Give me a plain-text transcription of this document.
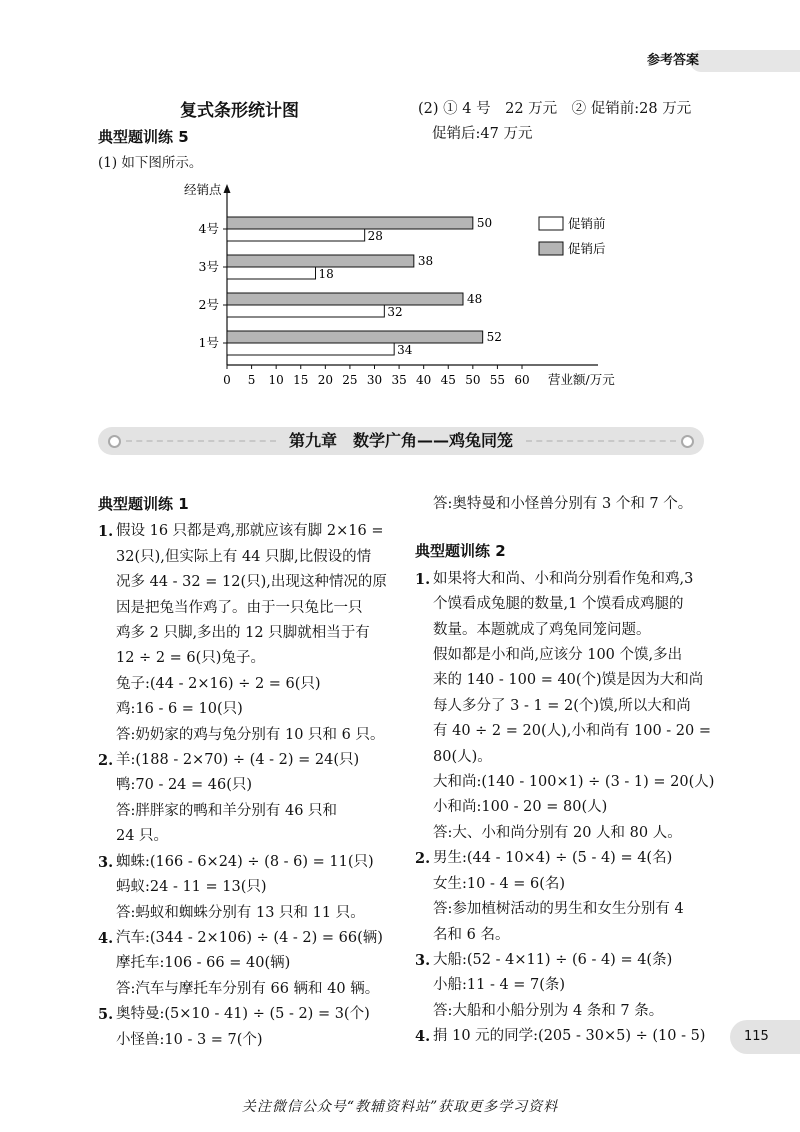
参考答案
复式条形统计图
典型题训练 5
(1) 如下图所示。
(2) ① 4 号　22 万元　② 促销前:28 万元
促销后:47 万元
经销点
营业额/万元
促销前
促销后
0 5 10 15 20 25 30 35 40 45 50 55 60
4号	50
28
3号	38
18
2号	48
32
1号	52
34
第九章　数学广角——鸡兔同笼
典型题训练 1
1. 假设 16 只都是鸡,那就应该有脚 2×16 =
32(只),但实际上有 44 只脚,比假设的情
况多 44 - 32 = 12(只),出现这种情况的原
因是把兔当作鸡了。由于一只兔比一只
鸡多 2 只脚,多出的 12 只脚就相当于有
12 ÷ 2 = 6(只)兔子。
兔子:(44 - 2×16) ÷ 2 = 6(只)
鸡:16 - 6 = 10(只)
答:奶奶家的鸡与兔分别有 10 只和 6 只。
2. 羊:(188 - 2×70) ÷ (4 - 2) = 24(只)
鸭:70 - 24 = 46(只)
答:胖胖家的鸭和羊分别有 46 只和
24 只。
3. 蜘蛛:(166 - 6×24) ÷ (8 - 6) = 11(只)
蚂蚁:24 - 11 = 13(只)
答:蚂蚁和蜘蛛分别有 13 只和 11 只。
4. 汽车:(344 - 2×106) ÷ (4 - 2) = 66(辆)
摩托车:106 - 66 = 40(辆)
答:汽车与摩托车分别有 66 辆和 40 辆。
5. 奥特曼:(5×10 - 41) ÷ (5 - 2) = 3(个)
小怪兽:10 - 3 = 7(个)
答:奥特曼和小怪兽分别有 3 个和 7 个。
典型题训练 2
1. 如果将大和尚、小和尚分别看作兔和鸡,3
个馍看成兔腿的数量,1 个馍看成鸡腿的
数量。本题就成了鸡兔同笼问题。
假如都是小和尚,应该分 100 个馍,多出
来的 140 - 100 = 40(个)馍是因为大和尚
每人多分了 3 - 1 = 2(个)馍,所以大和尚
有 40 ÷ 2 = 20(人),小和尚有 100 - 20 =
80(人)。
大和尚:(140 - 100×1) ÷ (3 - 1) = 20(人)
小和尚:100 - 20 = 80(人)
答:大、小和尚分别有 20 人和 80 人。
2. 男生:(44 - 10×4) ÷ (5 - 4) = 4(名)
女生:10 - 4 = 6(名)
答:参加植树活动的男生和女生分别有 4
名和 6 名。
3. 大船:(52 - 4×11) ÷ (6 - 4) = 4(条)
小船:11 - 4 = 7(条)
答:大船和小船分别为 4 条和 7 条。
4. 捐 10 元的同学:(205 - 30×5) ÷ (10 - 5)	115
关注微信公众号“教辅资料站”获取更多学习资料
